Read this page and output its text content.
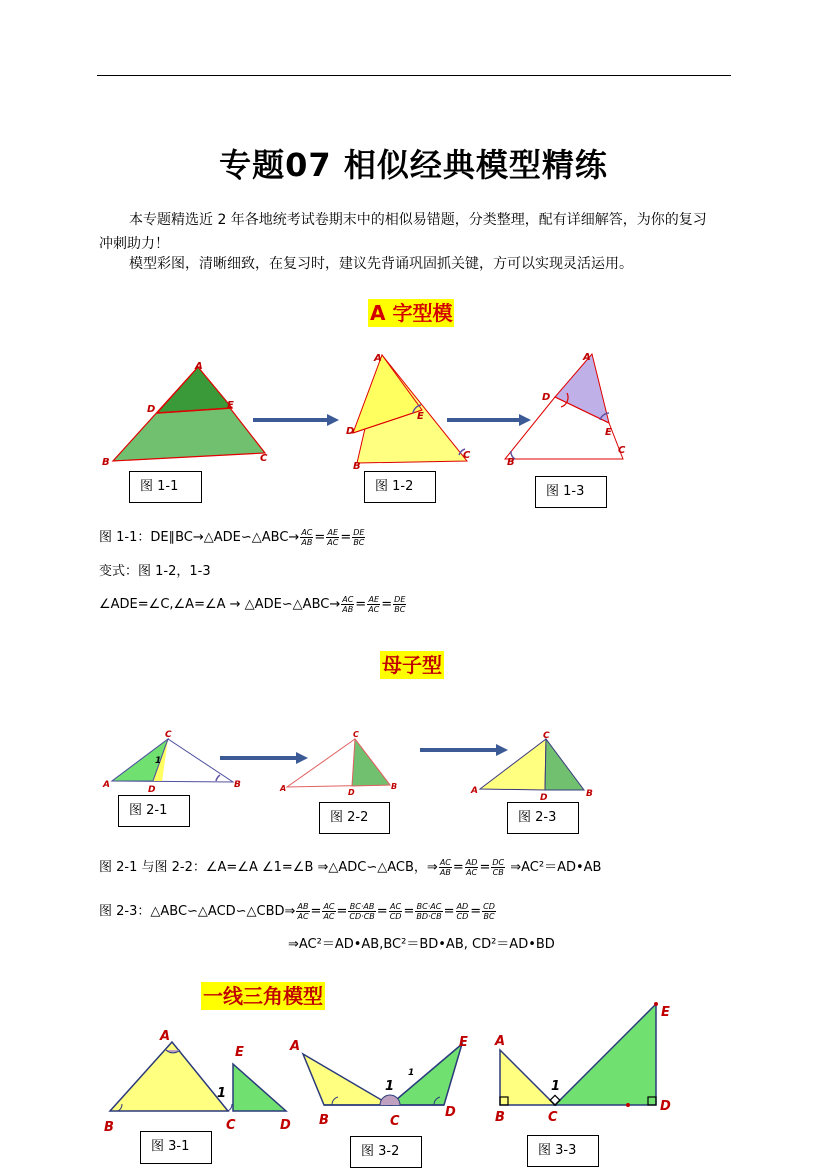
专题07 相似经典模型精练
本专题精选近 2 年各地统考试卷期末中的相似易错题，分类整理，配有详细解答，为你的复习
冲刺助力！
模型彩图，清晰细致，在复习时，建议先背诵巩固抓关键，方可以实现灵活运用。
A 字型模
A
D	E
B	C
A
E
D
B
C
A
D
E
B
C
图 1-1	图 1-2	图 1-3
图 1-1：DE∥BC→△ADE∽△ABC→ $\frac{AC}{AB} = \frac{AE}{AC} = \frac{DE}{BC}$
变式：图 1-2，1-3
∠ADE=∠C,∠A=∠A → △ADE∽△ABC→ $\frac{AC}{AB} = \frac{AE}{AC} = \frac{DE}{BC}$
母子型
C
1
A	D	B
C
A	D
B
C
A
D	B
图 2-1	图 2-2	图 2-3
图 2-1 与图 2-2：∠A=∠A ∠1=∠B ⇒△ADC∽△ACB，⇒ $\frac{AC}{AB} = \frac{AD}{AC} = \frac{DC}{CB}$ ⇒AC²＝AD•AB
图 2-3：△ABC∽△ACD∽△CBD⇒ $\frac{AB}{AC} = \frac{AC}{AC} = \frac{BC\cdot AB}{CD\cdot CB} = \frac{AC}{CD} = \frac{BC\cdot AC}{BD\cdot CB} = \frac{AD}{CD} = \frac{CD}{BC}$
⇒AC²＝AD•AB,BC²＝BD•AB, CD²＝AD•BD
一线三角模型
A
E
1
B	C	D
A	E
1
1
B	C
D
A
E
1
B	C
D
图 3-1	图 3-2	图 3-3
